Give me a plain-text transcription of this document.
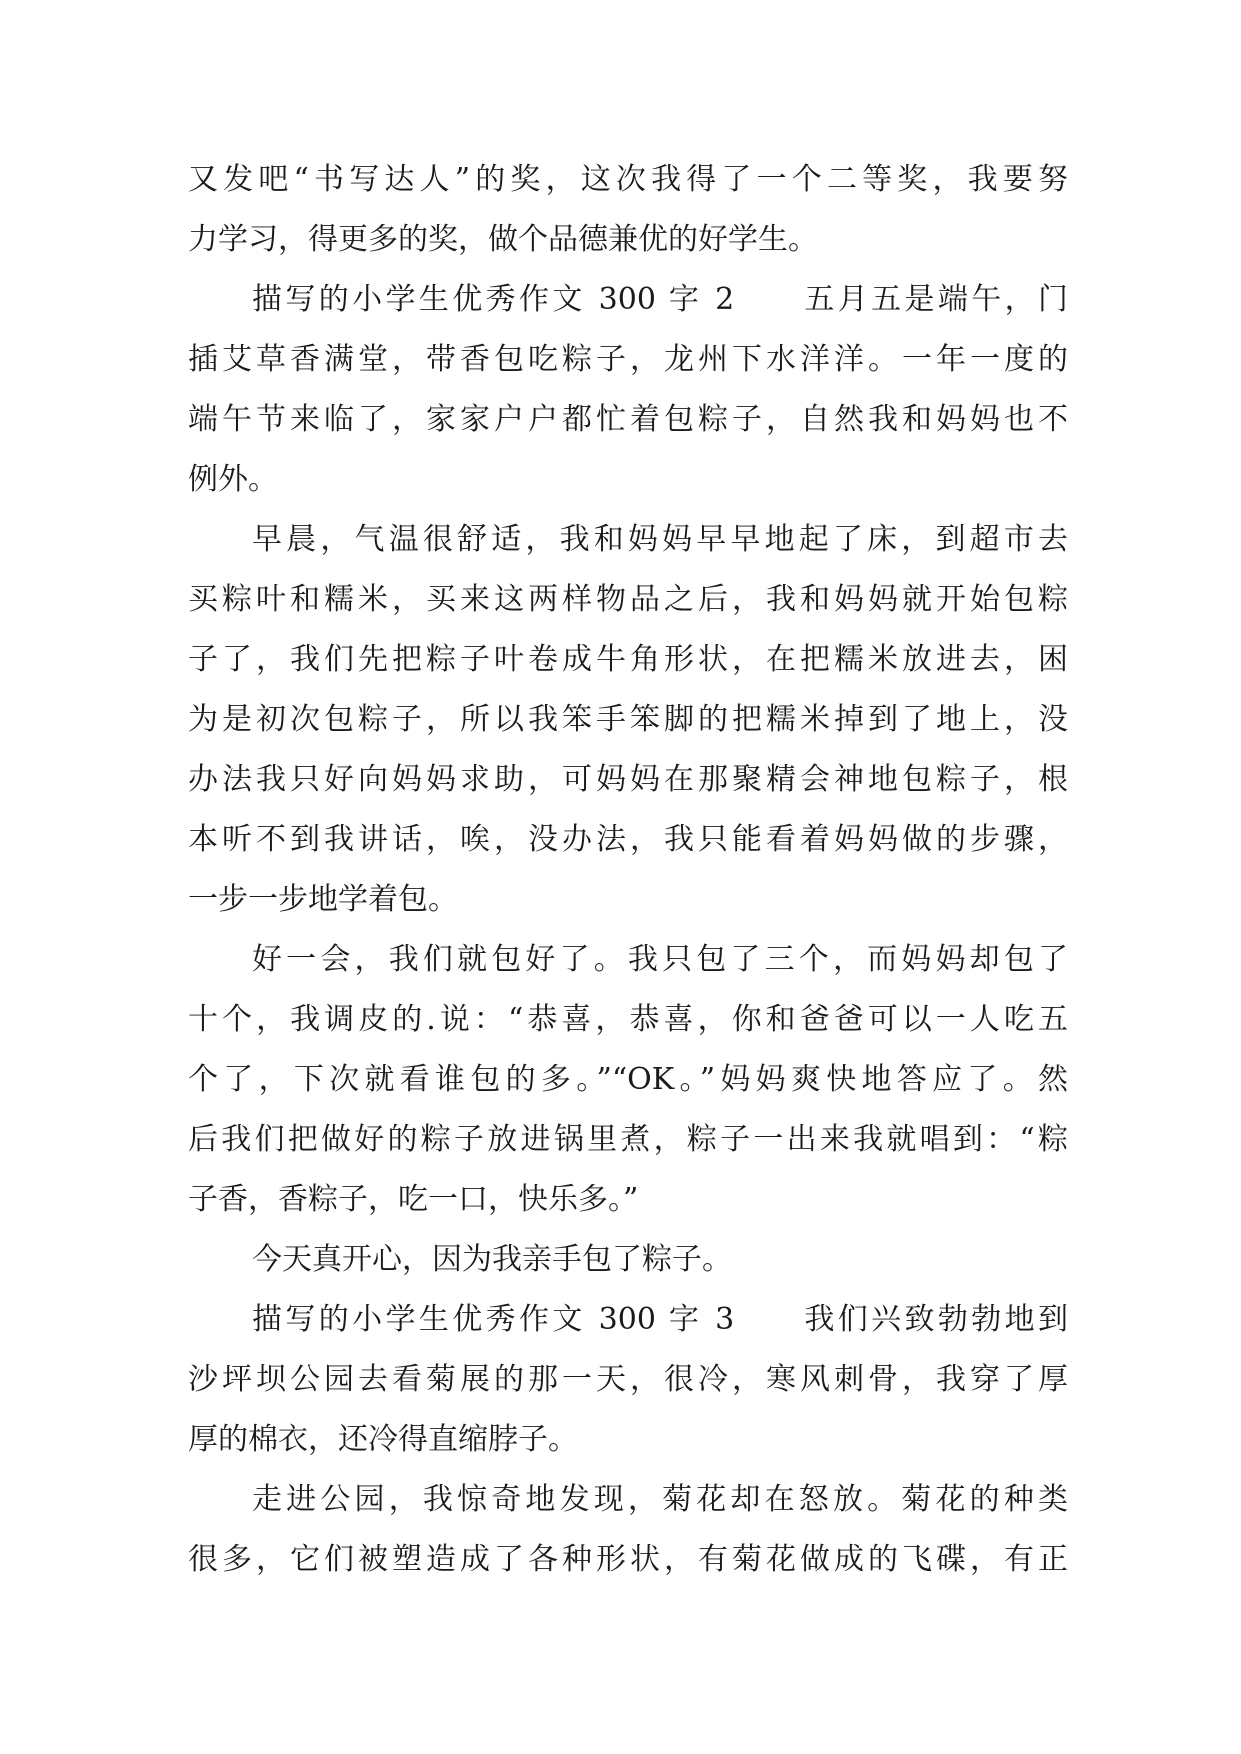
又发吧“书写达人”的奖，这次我得了一个二等奖，我要努
力学习，得更多的奖，做个品德兼优的好学生。
描写的小学生优秀作文 300 字 2　　五月五是端午，门
插艾草香满堂，带香包吃粽子，龙州下水洋洋。一年一度的
端午节来临了，家家户户都忙着包粽子，自然我和妈妈也不
例外。
早晨，气温很舒适，我和妈妈早早地起了床，到超市去
买粽叶和糯米，买来这两样物品之后，我和妈妈就开始包粽
子了，我们先把粽子叶卷成牛角形状，在把糯米放进去，困
为是初次包粽子，所以我笨手笨脚的把糯米掉到了地上，没
办法我只好向妈妈求助，可妈妈在那聚精会神地包粽子，根
本听不到我讲话，唉，没办法，我只能看着妈妈做的步骤，
一步一步地学着包。
好一会，我们就包好了。我只包了三个，而妈妈却包了
十个，我调皮的.说：“恭喜，恭喜，你和爸爸可以一人吃五
个了，下次就看谁包的多。”“OK。”妈妈爽快地答应了。然
后我们把做好的粽子放进锅里煮，粽子一出来我就唱到：“粽
子香，香粽子，吃一口，快乐多。”
今天真开心，因为我亲手包了粽子。
描写的小学生优秀作文 300 字 3　　我们兴致勃勃地到
沙坪坝公园去看菊展的那一天，很冷，寒风刺骨，我穿了厚
厚的棉衣，还冷得直缩脖子。
走进公园，我惊奇地发现，菊花却在怒放。菊花的种类
很多，它们被塑造成了各种形状，有菊花做成的飞碟，有正
